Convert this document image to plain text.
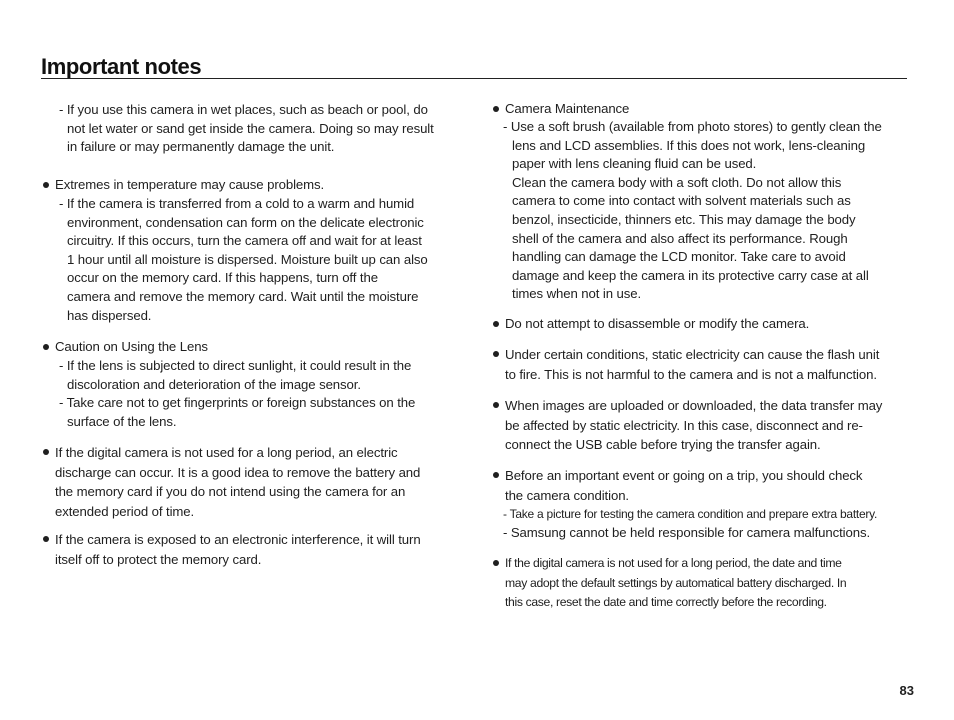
Important notes
- If you use this camera in wet places, such as beach or pool, do
not let water or sand get inside the camera. Doing so may result
in failure or may permanently damage the unit.
Extremes in temperature may cause problems.
- If the camera is transferred from a cold to a warm and humid
environment, condensation can form on the delicate electronic
circuitry. If this occurs, turn the camera off and wait for at least
1 hour until all moisture is dispersed. Moisture built up can also
occur on the memory card. If this happens, turn off the
camera and remove the memory card. Wait until the moisture
has dispersed.
Caution on Using the Lens
- If the lens is subjected to direct sunlight, it could result in the
discoloration and deterioration of the image sensor.
- Take care not to get fingerprints or foreign substances on the
surface of the lens.
If the digital camera is not used for a long period, an electric
discharge can occur. It is a good idea to remove the battery and
the memory card if you do not intend using the camera for an
extended period of time.
If the camera is exposed to an electronic interference, it will turn
itself off to protect the memory card.
Camera Maintenance
- Use a soft brush (available from photo stores) to gently clean the
lens and LCD assemblies. If this does not work, lens-cleaning
paper with lens cleaning fluid can be used.
Clean the camera body with a soft cloth. Do not allow this
camera to come into contact with solvent materials such as
benzol, insecticide, thinners etc. This may damage the body
shell of the camera and also affect its performance. Rough
handling can damage the LCD monitor. Take care to avoid
damage and keep the camera in its protective carry case at all
times when not in use.
Do not attempt to disassemble or modify the camera.
Under certain conditions, static electricity can cause the flash unit
to fire. This is not harmful to the camera and is not a malfunction.
When images are uploaded or downloaded, the data transfer may
be affected by static electricity. In this case, disconnect and re-
connect the USB cable before trying the transfer again.
Before an important event or going on a trip, you should check
the camera condition.
- Take a picture for testing the camera condition and prepare extra battery.
- Samsung cannot be held responsible for camera malfunctions.
If the digital camera is not used for a long period, the date and time
may adopt the default settings by automatical battery discharged. In
this case, reset the date and time correctly before the recording.
83
